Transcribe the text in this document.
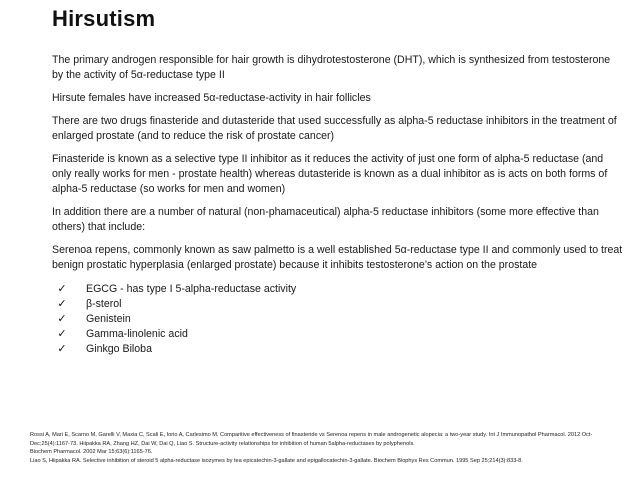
Hirsutism

The primary androgen responsible for hair growth is dihydrotestosterone (DHT), which is synthesized from testosterone by the activity of 5α-reductase type II

Hirsute females have increased 5α-reductase-activity in hair follicles

There are two drugs finasteride and dutasteride that used successfully as alpha-5 reductase inhibitors in the treatment of enlarged prostate (and to reduce the risk of prostate cancer)

Finasteride is known as a selective type II inhibitor as it reduces the activity of just one form of alpha-5 reductase (and only really works for men - prostate health) whereas dutasteride is known as a dual inhibitor as is acts on both forms of alpha-5 reductase (so works for men and women)

In addition there are a number of natural (non-phamaceutical) alpha-5 reductase inhibitors (some more effective than others) that include:

Serenoa repens, commonly known as saw palmetto is a well established 5α-reductase type II and commonly used to treat benign prostatic hyperplasia (enlarged prostate) because it inhibits testosterone’s action on the prostate

✓ EGCG - has type I 5-alpha-reductase activity
✓ β-sterol
✓ Genistein
✓ Gamma-linolenic acid
✓ Ginkgo Biloba
Rossi A, Mari E, Scarno M, Garelli V, Maxia C, Scali E, Iorio A, Carlesimo M. Comparitive effectiveness of finasteride vs Serenoa repens in male androgenetic alopecia: a two-year study. Int J Immunopathol Pharmacol. 2012 Oct-Dec;25(4):1167-73. Hiipakka RA, Zhang HZ, Dai W, Dai Q, Liao S. Structure-activity relationships for inhibition of human 5alpha-reductases by polyphenols.
Biochem Pharmacol. 2002 Mar 15;63(6):1165-76.
Liao S, Hiipakka RA. Selective inhibition of steroid 5 alpha-reductase isozymes by tea epicatechin-3-gallate and epigallocatechin-3-gallate. Biochem Biophys Res Commun. 1995 Sep 25;214(3):833-8.
